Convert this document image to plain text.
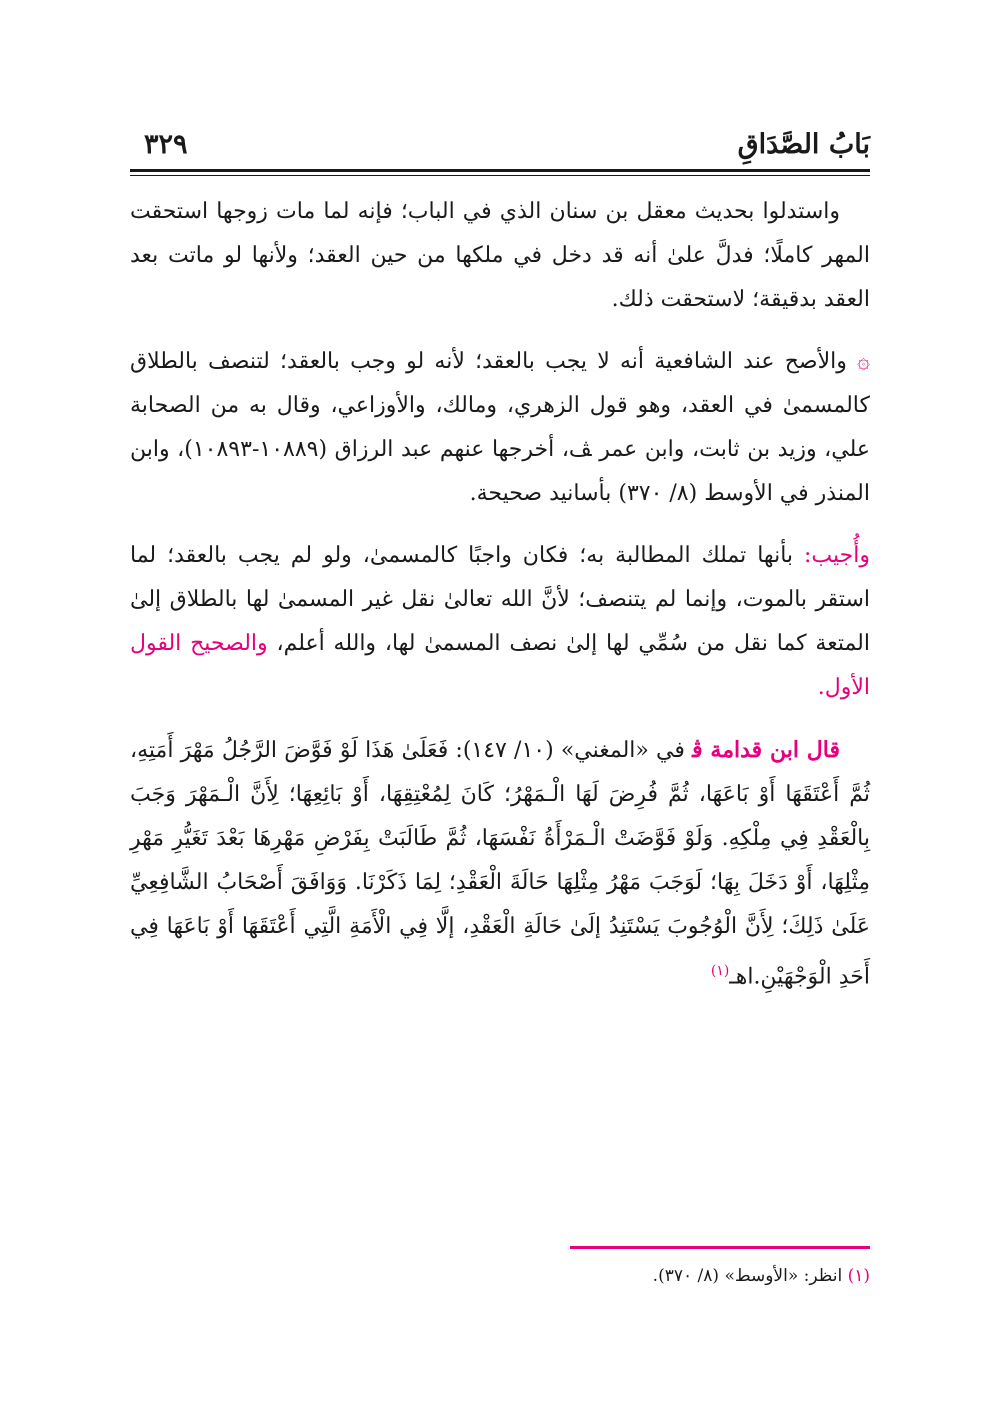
بَابُ الصَّدَاقِ
٣٢٩

واستدلوا بحديث معقل بن سنان الذي في الباب؛ فإنه لما مات زوجها استحقت المهر كاملًا؛ فدلَّ علىٰ أنه قد دخل في ملكها من حين العقد؛ ولأنها لو ماتت بعد العقد بدقيقة؛ لاستحقت ذلك.

۞ والأصح عند الشافعية أنه لا يجب بالعقد؛ لأنه لو وجب بالعقد؛ لتنصف بالطلاق كالمسمىٰ في العقد، وهو قول الزهري، ومالك، والأوزاعي، وقال به من الصحابة علي، وزيد بن ثابت، وابن عمر ﭫ، أخرجها عنهم عبد الرزاق (١٠٨٨٩-١٠٨٩٣)، وابن المنذر في الأوسط (٨/ ٣٧٠) بأسانيد صحيحة.

وأُجيب: بأنها تملك المطالبة به؛ فكان واجبًا كالمسمىٰ، ولو لم يجب بالعقد؛ لما استقر بالموت، وإنما لم يتنصف؛ لأنَّ الله تعالىٰ نقل غير المسمىٰ لها بالطلاق إلىٰ المتعة كما نقل من سُمِّي لها إلىٰ نصف المسمىٰ لها، والله أعلم، والصحيح القول الأول.

قال ابن قدامة ﭬ في «المغني» (١٠/ ١٤٧): فَعَلَىٰ هَذَا لَوْ فَوَّضَ الرَّجُلُ مَهْرَ أَمَتِهِ، ثُمَّ أَعْتَقَهَا أَوْ بَاعَهَا، ثُمَّ فُرِضَ لَهَا الْـمَهْرُ؛ كَانَ لِمُعْتِقِهَا، أَوْ بَائِعِهَا؛ لِأَنَّ الْـمَهْرَ وَجَبَ بِالْعَقْدِ فِي مِلْكِهِ. وَلَوْ فَوَّضَتْ الْـمَرْأَةُ نَفْسَهَا، ثُمَّ طَالَبَتْ بِفَرْضِ مَهْرِهَا بَعْدَ تَغَيُّرِ مَهْرِ مِثْلِهَا، أَوْ دَخَلَ بِهَا؛ لَوَجَبَ مَهْرُ مِثْلِهَا حَالَةَ الْعَقْدِ؛ لِمَا ذَكَرْنَا. وَوَافَقَ أَصْحَابُ الشَّافِعِيِّ عَلَىٰ ذَلِكَ؛ لِأَنَّ الْوُجُوبَ يَسْتَنِدُ إلَىٰ حَالَةِ الْعَقْدِ، إلَّا فِي الْأَمَةِ الَّتِي أَعْتَقَهَا أَوْ بَاعَهَا فِي أَحَدِ الْوَجْهَيْنِ.اهـ$^{(١)}$

(١) انظر: «الأوسط» (٨/ ٣٧٠).
